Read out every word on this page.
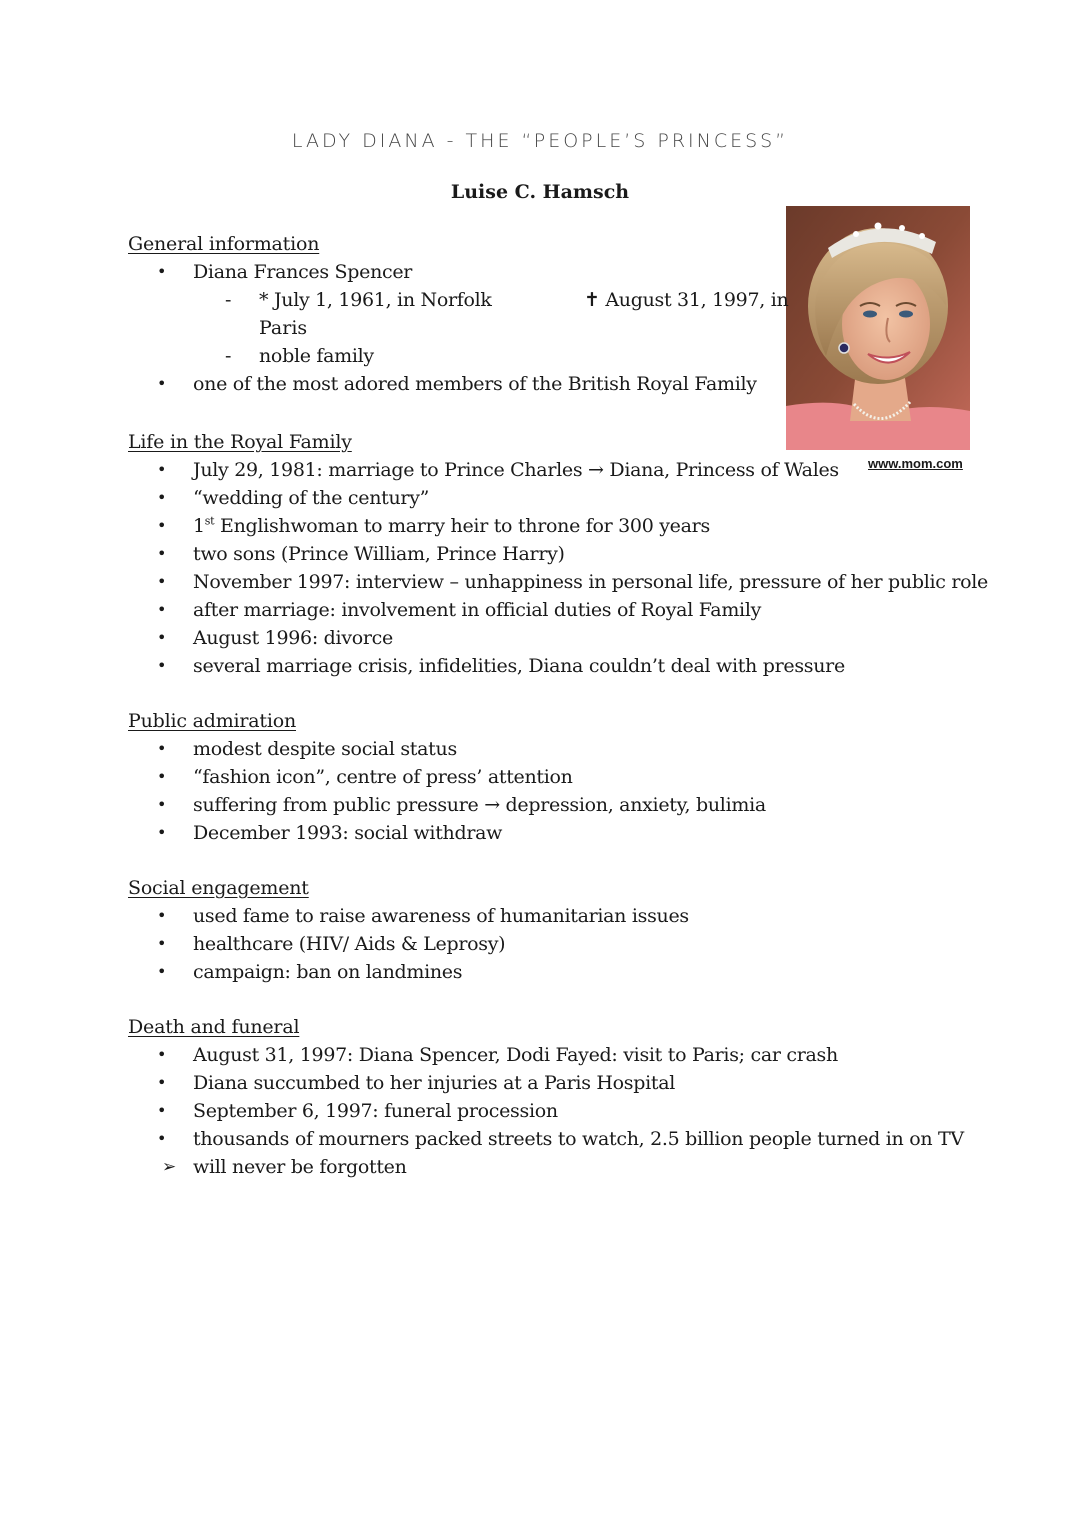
LADY DIANA - THE “PEOPLE’S PRINCESS”
Luise C. Hamsch
www.mom.com
General information
• Diana Frances Spencer
- * July 1, 1961, in Norfolk	✝ August 31, 1997, in
Paris
- noble family
• one of the most adored members of the British Royal Family
Life in the Royal Family
• July 29, 1981: marriage to Prince Charles → Diana, Princess of Wales
• “wedding of the century”
• 1st Englishwoman to marry heir to throne for 300 years
• two sons (Prince William, Prince Harry)
• November 1997: interview – unhappiness in personal life, pressure of her public role
• after marriage: involvement in official duties of Royal Family
• August 1996: divorce
• several marriage crisis, infidelities, Diana couldn’t deal with pressure
Public admiration
• modest despite social status
• “fashion icon”, centre of press’ attention
• suffering from public pressure → depression, anxiety, bulimia
• December 1993: social withdraw
Social engagement
• used fame to raise awareness of humanitarian issues
• healthcare (HIV/ Aids & Leprosy)
• campaign: ban on landmines
Death and funeral
• August 31, 1997: Diana Spencer, Dodi Fayed: visit to Paris; car crash
• Diana succumbed to her injuries at a Paris Hospital
• September 6, 1997: funeral procession
• thousands of mourners packed streets to watch, 2.5 billion people turned in on TV
➢ will never be forgotten
